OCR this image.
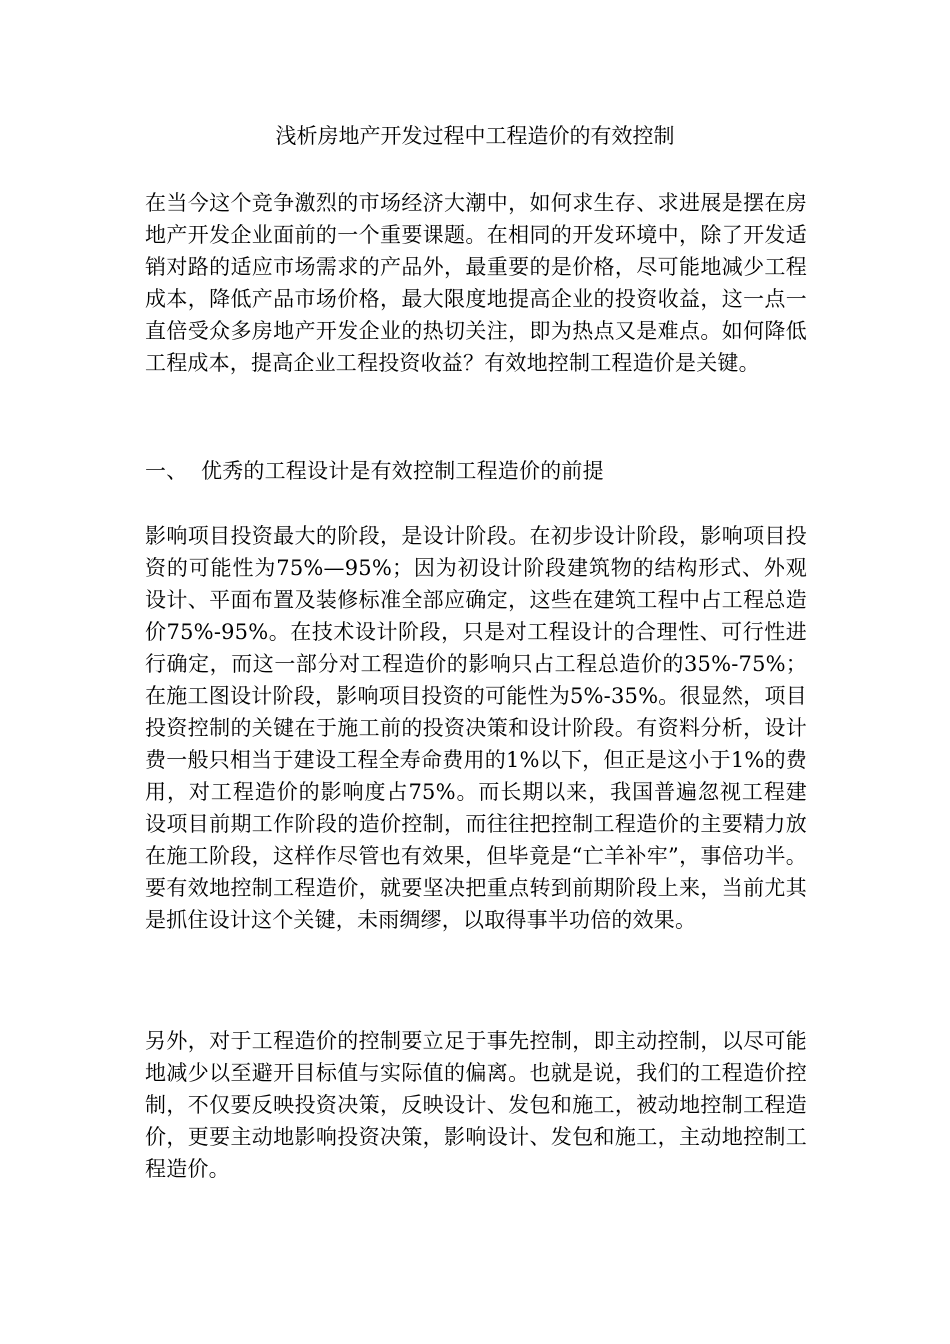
浅析房地产开发过程中工程造价的有效控制

在当今这个竞争激烈的市场经济大潮中，如何求生存、求进展是摆在房地产开发企业面前的一个重要课题。在相同的开发环境中，除了开发适销对路的适应市场需求的产品外，最重要的是价格，尽可能地减少工程成本，降低产品市场价格，最大限度地提高企业的投资收益，这一点一直倍受众多房地产开发企业的热切关注，即为热点又是难点。如何降低工程成本，提高企业工程投资收益？有效地控制工程造价是关键。

一、 优秀的工程设计是有效控制工程造价的前提

影响项目投资最大的阶段，是设计阶段。在初步设计阶段，影响项目投资的可能性为75%—95%；因为初设计阶段建筑物的结构形式、外观设计、平面布置及装修标准全部应确定，这些在建筑工程中占工程总造价75%-95%。在技术设计阶段，只是对工程设计的合理性、可行性进行确定，而这一部分对工程造价的影响只占工程总造价的35%-75%；在施工图设计阶段，影响项目投资的可能性为5%-35%。很显然，项目投资控制的关键在于施工前的投资决策和设计阶段。有资料分析，设计费一般只相当于建设工程全寿命费用的1%以下，但正是这小于1%的费用，对工程造价的影响度占75%。而长期以来，我国普遍忽视工程建设项目前期工作阶段的造价控制，而往往把控制工程造价的主要精力放在施工阶段，这样作尽管也有效果，但毕竟是“亡羊补牢”，事倍功半。要有效地控制工程造价，就要坚决把重点转到前期阶段上来，当前尤其是抓住设计这个关键，未雨绸缪，以取得事半功倍的效果。

另外，对于工程造价的控制要立足于事先控制，即主动控制，以尽可能地减少以至避开目标值与实际值的偏离。也就是说，我们的工程造价控制，不仅要反映投资决策，反映设计、发包和施工，被动地控制工程造价，更要主动地影响投资决策，影响设计、发包和施工，主动地控制工程造价。
